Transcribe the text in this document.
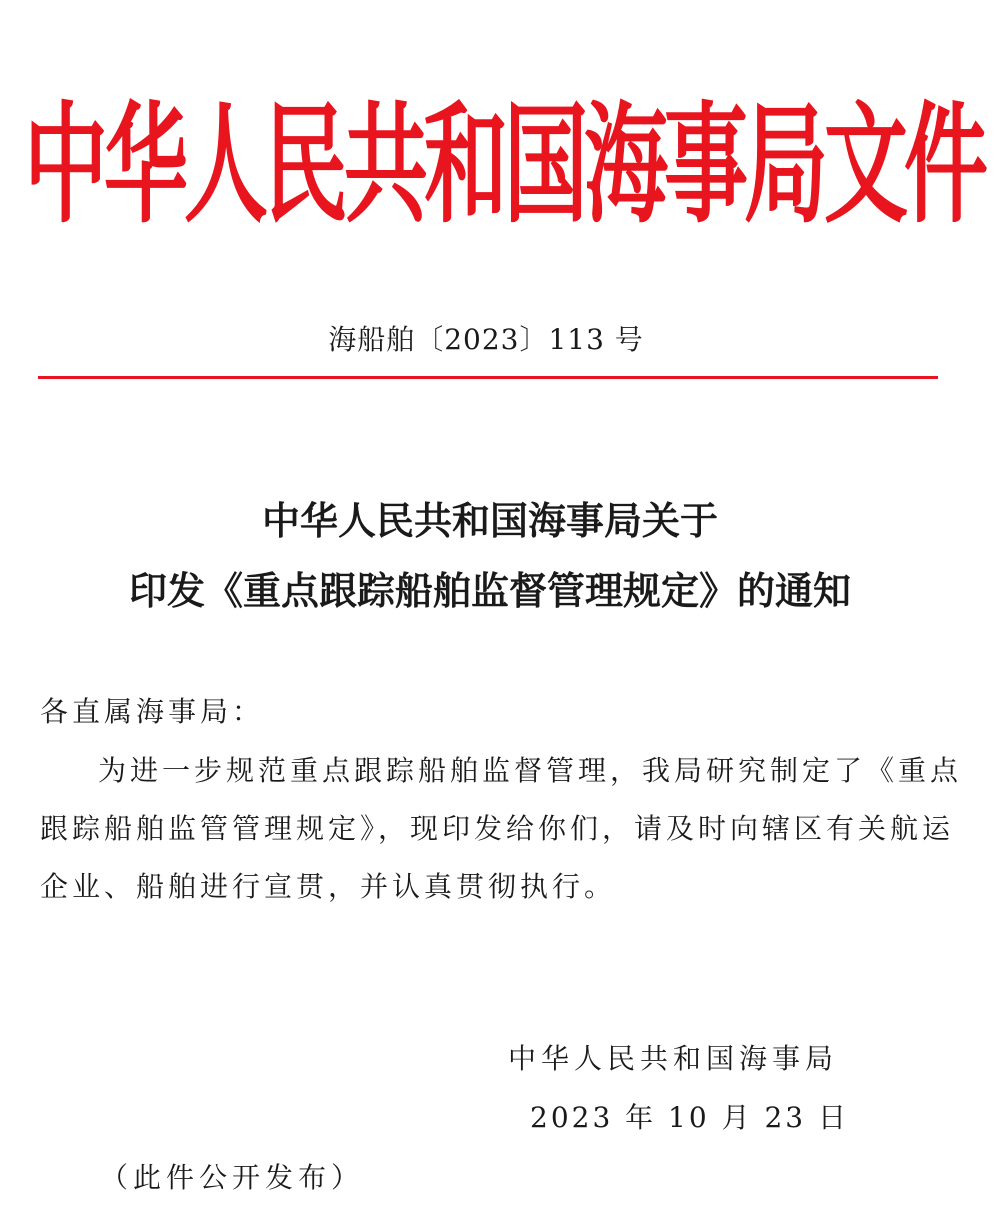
中华人民共和国海事局文件
海船舶〔2023〕113 号
中华人民共和国海事局关于
印发《重点跟踪船舶监督管理规定》的通知
各直属海事局：
为进一步规范重点跟踪船舶监督管理，我局研究制定了《重点
跟踪船舶监管管理规定》，现印发给你们，请及时向辖区有关航运
企业、船舶进行宣贯，并认真贯彻执行。
中华人民共和国海事局
2023 年 10 月 23 日
（此件公开发布）
